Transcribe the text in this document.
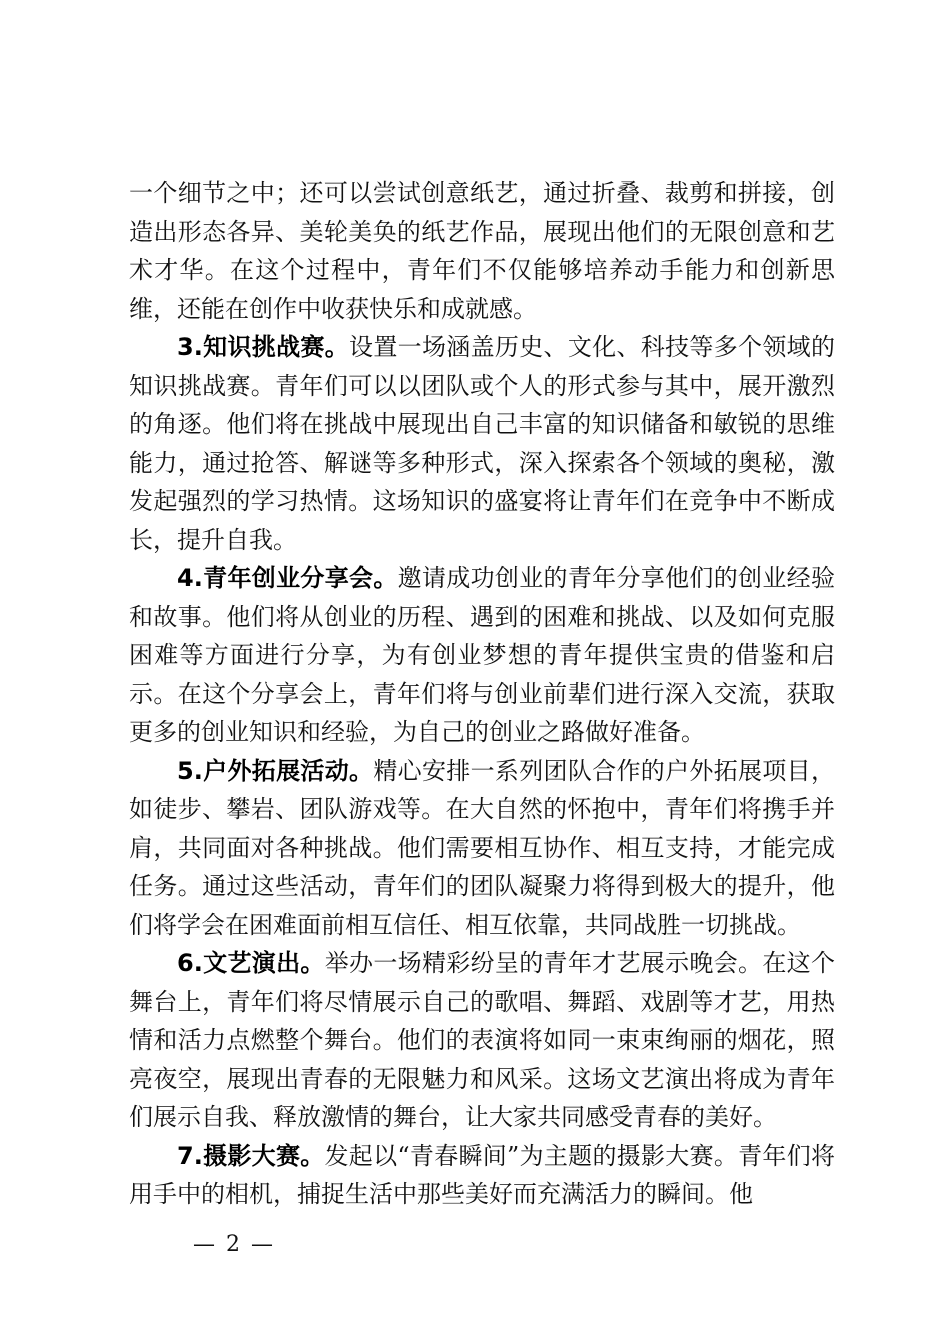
一个细节之中；还可以尝试创意纸艺，通过折叠、裁剪和拼接，创造出形态各异、美轮美奂的纸艺作品，展现出他们的无限创意和艺术才华。在这个过程中，青年们不仅能够培养动手能力和创新思维，还能在创作中收获快乐和成就感。

3.知识挑战赛。设置一场涵盖历史、文化、科技等多个领域的知识挑战赛。青年们可以以团队或个人的形式参与其中，展开激烈的角逐。他们将在挑战中展现出自己丰富的知识储备和敏锐的思维能力，通过抢答、解谜等多种形式，深入探索各个领域的奥秘，激发起强烈的学习热情。这场知识的盛宴将让青年们在竞争中不断成长，提升自我。

4.青年创业分享会。邀请成功创业的青年分享他们的创业经验和故事。他们将从创业的历程、遇到的困难和挑战、以及如何克服困难等方面进行分享，为有创业梦想的青年提供宝贵的借鉴和启示。在这个分享会上，青年们将与创业前辈们进行深入交流，获取更多的创业知识和经验，为自己的创业之路做好准备。

5.户外拓展活动。精心安排一系列团队合作的户外拓展项目，如徒步、攀岩、团队游戏等。在大自然的怀抱中，青年们将携手并肩，共同面对各种挑战。他们需要相互协作、相互支持，才能完成任务。通过这些活动，青年们的团队凝聚力将得到极大的提升，他们将学会在困难面前相互信任、相互依靠，共同战胜一切挑战。

6.文艺演出。举办一场精彩纷呈的青年才艺展示晚会。在这个舞台上，青年们将尽情展示自己的歌唱、舞蹈、戏剧等才艺，用热情和活力点燃整个舞台。他们的表演将如同一束束绚丽的烟花，照亮夜空，展现出青春的无限魅力和风采。这场文艺演出将成为青年们展示自我、释放激情的舞台，让大家共同感受青春的美好。

7.摄影大赛。发起以“青春瞬间”为主题的摄影大赛。青年们将用手中的相机，捕捉生活中那些美好而充满活力的瞬间。他

— 2 —
